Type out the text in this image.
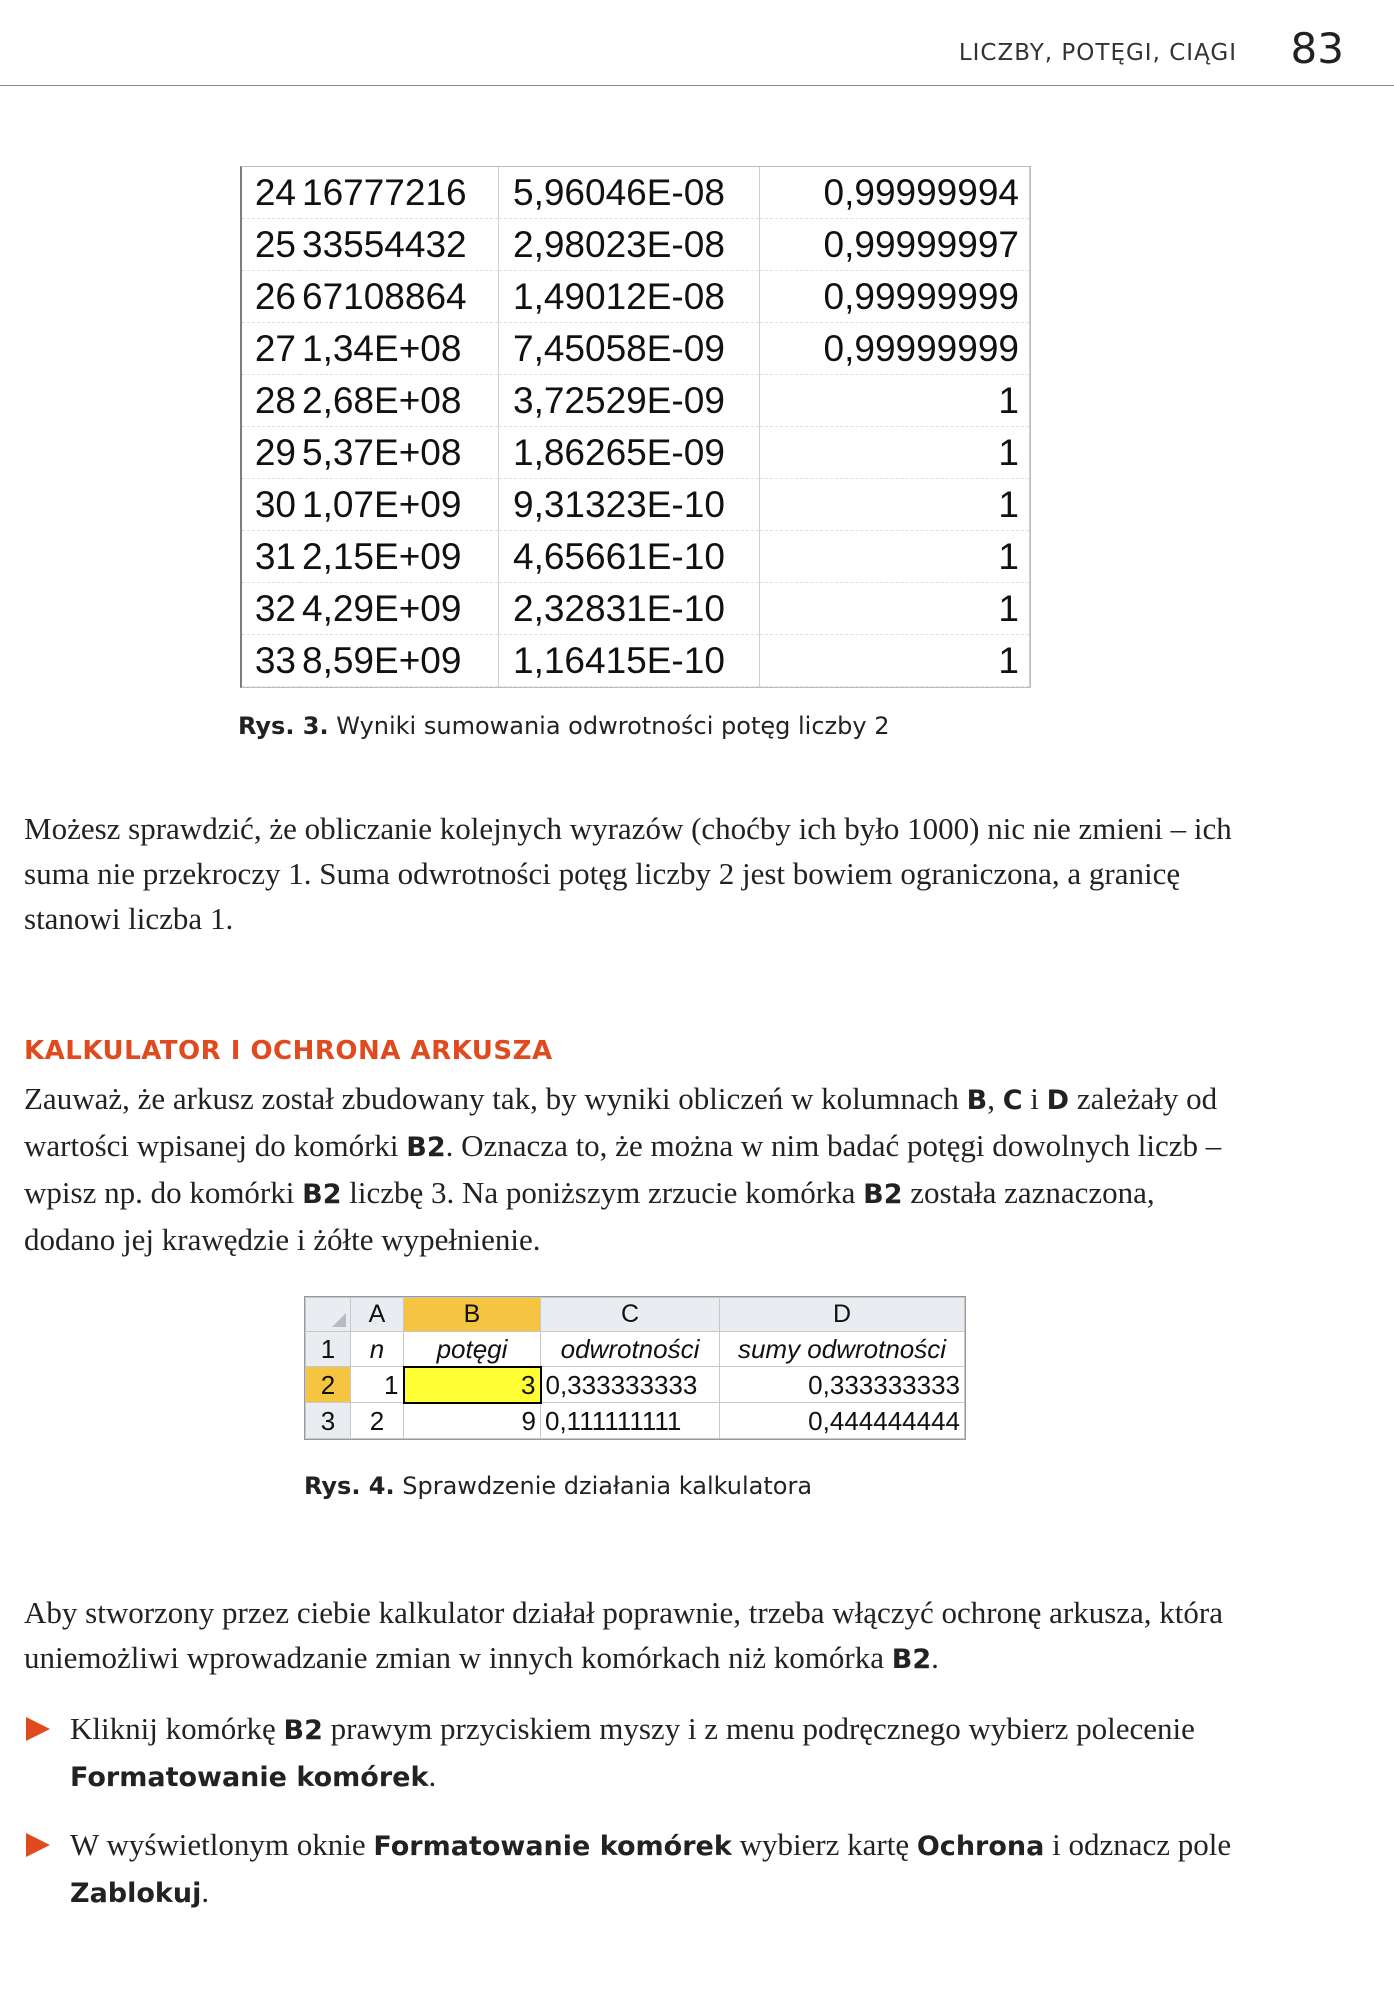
LICZBY, POTĘGI, CIĄGI 83
24	16777216	5,96046E-08	0,99999994
25	33554432	2,98023E-08	0,99999997
26	67108864	1,49012E-08	0,99999999
27	1,34E+08	7,45058E-09	0,99999999
28	2,68E+08	3,72529E-09	1
29	5,37E+08	1,86265E-09	1
30	1,07E+09	9,31323E-10	1
31	2,15E+09	4,65661E-10	1
32	4,29E+09	2,32831E-10	1
33	8,59E+09	1,16415E-10	1
Rys. 3. Wyniki sumowania odwrotności potęg liczby 2

Możesz sprawdzić, że obliczanie kolejnych wyrazów (choćby ich było 1000) nic nie zmieni – ich suma nie przekroczy 1. Suma odwrotności potęg liczby 2 jest bowiem ograniczona, a granicę stanowi liczba 1.

KALKULATOR I OCHRONA ARKUSZA

Zauważ, że arkusz został zbudowany tak, by wyniki obliczeń w kolumnach B, C i D zależały od wartości wpisanej do komórki B2. Oznacza to, że można w nim badać potęgi dowolnych liczb – wpisz np. do komórki B2 liczbę 3. Na poniższym zrzucie komórka B2 została zaznaczona, dodano jej krawędzie i żółte wypełnienie.

	A	B	C	D
1	n	potęgi	odwrotności	sumy odwrotności
2	1	3	0,333333333	0,333333333
3	2	9	0,111111111	0,444444444
Rys. 4. Sprawdzenie działania kalkulatora

Aby stworzony przez ciebie kalkulator działał poprawnie, trzeba włączyć ochronę arkusza, która uniemożliwi wprowadzanie zmian w innych komórkach niż komórka B2.

Kliknij komórkę B2 prawym przyciskiem myszy i z menu podręcznego wybierz polecenie Formatowanie komórek.

W wyświetlonym oknie Formatowanie komórek wybierz kartę Ochrona i odznacz pole Zablokuj.
